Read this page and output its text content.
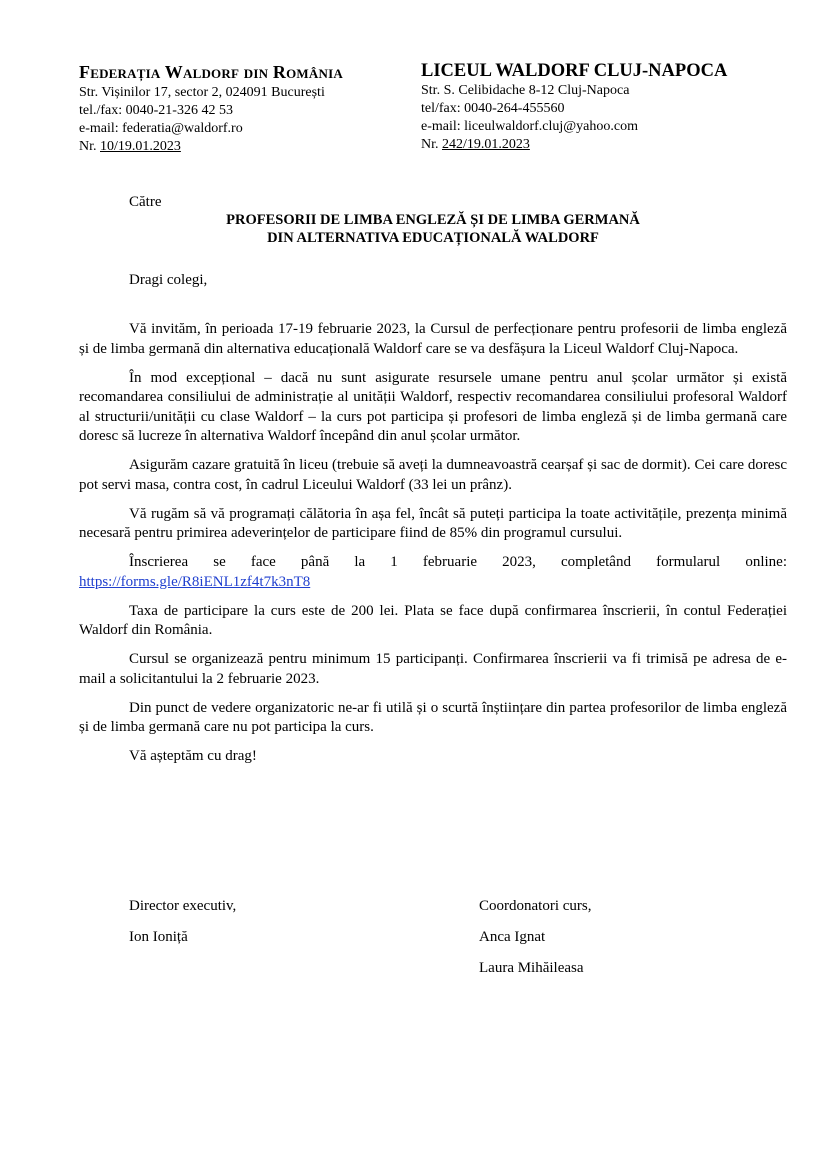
Federația Waldorf din România
Str. Vișinilor 17, sector 2, 024091 București
tel./fax: 0040-21-326 42 53
e-mail: federatia@waldorf.ro
Nr. 10/19.01.2023
LICEUL WALDORF CLUJ-NAPOCA
Str. S. Celibidache 8-12 Cluj-Napoca
tel/fax: 0040-264-455560
e-mail: liceulwaldorf.cluj@yahoo.com
Nr. 242/19.01.2023
Către
PROFESORII DE LIMBA ENGLEZĂ ȘI DE LIMBA GERMANĂ
DIN ALTERNATIVA EDUCAȚIONALĂ WALDORF
Dragi colegi,

Vă invităm, în perioada 17-19 februarie 2023, la Cursul de perfecționare pentru profesorii de limba engleză și de limba germană din alternativa educațională Waldorf care se va desfășura la Liceul Waldorf Cluj-Napoca.

În mod excepțional – dacă nu sunt asigurate resursele umane pentru anul școlar următor și există recomandarea consiliului de administrație al unității Waldorf, respectiv recomandarea consiliului profesoral Waldorf al structurii/unității cu clase Waldorf – la curs pot participa și profesori de limba engleză și de limba germană care doresc să lucreze în alternativa Waldorf începând din anul școlar următor.

Asigurăm cazare gratuită în liceu (trebuie să aveți la dumneavoastră cearșaf și sac de dormit). Cei care doresc pot servi masa, contra cost, în cadrul Liceului Waldorf (33 lei un prânz).

Vă rugăm să vă programați călătoria în așa fel, încât să puteți participa la toate activitățile, prezența minimă necesară pentru primirea adeverințelor de participare fiind de 85% din programul cursului.

Înscrierea se face până la 1 februarie 2023, completând formularul online:

https://forms.gle/R8iENL1zf4t7k3nT8

Taxa de participare la curs este de 200 lei. Plata se face după confirmarea înscrierii, în contul Federației Waldorf din România.

Cursul se organizează pentru minimum 15 participanți. Confirmarea înscrierii va fi trimisă pe adresa de e-mail a solicitantului la 2 februarie 2023.

Din punct de vedere organizatoric ne-ar fi utilă și o scurtă înștiințare din partea profesorilor de limba engleză și de limba germană care nu pot participa la curs.

Vă așteptăm cu drag!

Director executiv,
Ion Ioniță
Coordonatori curs,
Anca Ignat
Laura Mihăileasa
